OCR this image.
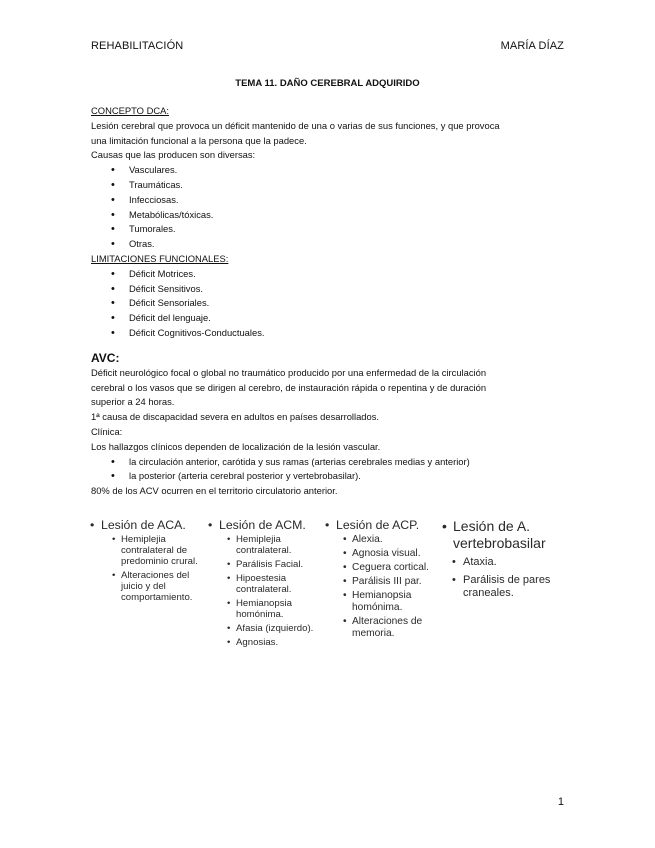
REHABILITACIÓN	MARÍA DÍAZ
TEMA 11. DAÑO CEREBRAL ADQUIRIDO

CONCEPTO DCA:

Lesión cerebral que provoca un déficit mantenido de una o varias de sus funciones, y que provoca

una limitación funcional a la persona que la padece.

Causas que las producen son diversas:

• Vasculares.
• Traumáticas.
• Infecciosas.
• Metabólicas/tóxicas.
• Tumorales.
• Otras.

LIMITACIONES FUNCIONALES:

• Déficit Motrices.
• Déficit Sensitivos.
• Déficit Sensoriales.
• Déficit del lenguaje.
• Déficit Cognitivos-Conductuales.

AVC:

Déficit neurológico focal o global no traumático producido por una enfermedad de la circulación

cerebral o los vasos que se dirigen al cerebro, de instauración rápida o repentina y de duración

superior a 24 horas.

1ª causa de discapacidad severa en adultos en países desarrollados.

Clínica:

Los hallazgos clínicos dependen de localización de la lesión vascular.

• la circulación anterior, carótida y sus ramas (arterias cerebrales medias y anterior)
• la posterior (arteria cerebral posterior y vertebrobasilar).

80% de los ACV ocurren en el territorio circulatorio anterior.

• Lesión de ACA.
• Hemiplejia contralateral de predominio crural.
• Alteraciones del juicio y del comportamiento.
• Lesión de ACM.
• Hemiplejia contralateral.
• Parálisis Facial.
• Hipoestesia contralateral.
• Hemianopsia homónima.
• Afasia (izquierdo).
• Agnosias.
• Lesión de ACP.
• Alexia.
• Agnosia visual.
• Ceguera cortical.
• Parálisis III par.
• Hemianopsia homónima.
• Alteraciones de memoria.
• Lesión de A. vertebrobasilar
• Ataxia.
• Parálisis de pares craneales.
1
